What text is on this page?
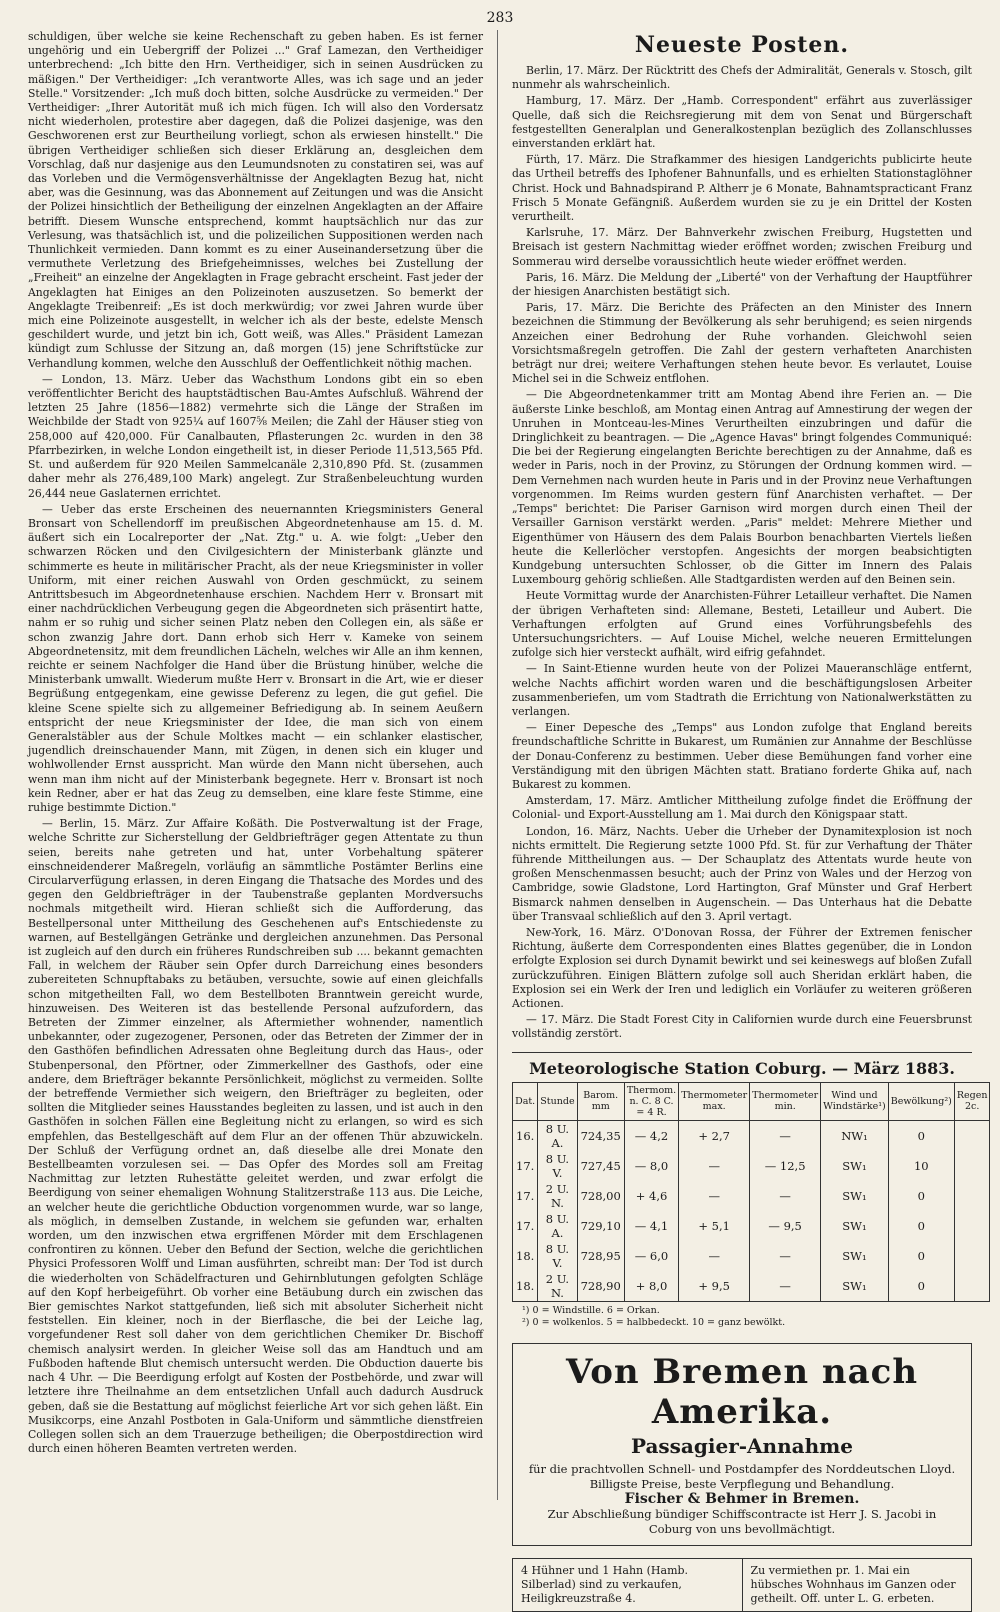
283

schuldigen, über welche sie keine Rechenschaft zu geben haben. Es ist ferner ungehörig und ein Uebergriff der Polizei ..." Graf Lamezan, den Vertheidiger unterbrechend: „Ich bitte den Hrn. Vertheidiger, sich in seinen Ausdrücken zu mäßigen." Der Vertheidiger: „Ich verantworte Alles, was ich sage und an jeder Stelle." Vorsitzender: „Ich muß doch bitten, solche Ausdrücke zu vermeiden." Der Vertheidiger: „Ihrer Autorität muß ich mich fügen. Ich will also den Vordersatz nicht wiederholen, protestire aber dagegen, daß die Polizei dasjenige, was den Geschworenen erst zur Beurtheilung vorliegt, schon als erwiesen hinstellt." Die übrigen Vertheidiger schließen sich dieser Erklärung an, desgleichen dem Vorschlag, daß nur dasjenige aus den Leumundsnoten zu constatiren sei, was auf das Vorleben und die Vermögensverhältnisse der Angeklagten Bezug hat, nicht aber, was die Gesinnung, was das Abonnement auf Zeitungen und was die Ansicht der Polizei hinsichtlich der Betheiligung der einzelnen Angeklagten an der Affaire betrifft. Diesem Wunsche entsprechend, kommt hauptsächlich nur das zur Verlesung, was thatsächlich ist, und die polizeilichen Suppositionen werden nach Thunlichkeit vermieden. Dann kommt es zu einer Auseinandersetzung über die vermuthete Verletzung des Briefgeheimnisses, welches bei Zustellung der „Freiheit" an einzelne der Angeklagten in Frage gebracht erscheint. Fast jeder der Angeklagten hat Einiges an den Polizeinoten auszusetzen. So bemerkt der Angeklagte Treibenreif: „Es ist doch merkwürdig; vor zwei Jahren wurde über mich eine Polizeinote ausgestellt, in welcher ich als der beste, edelste Mensch geschildert wurde, und jetzt bin ich, Gott weiß, was Alles." Präsident Lamezan kündigt zum Schlusse der Sitzung an, daß morgen (15) jene Schriftstücke zur Verhandlung kommen, welche den Ausschluß der Oeffentlichkeit nöthig machen.

— London, 13. März. Ueber das Wachsthum Londons gibt ein so eben veröffentlichter Bericht des hauptstädtischen Bau-Amtes Aufschluß. Während der letzten 25 Jahre (1856—1882) vermehrte sich die Länge der Straßen im Weichbilde der Stadt von 925¼ auf 1607⅝ Meilen; die Zahl der Häuser stieg von 258,000 auf 420,000. Für Canalbauten, Pflasterungen 2c. wurden in den 38 Pfarrbezirken, in welche London eingetheilt ist, in dieser Periode 11,513,565 Pfd. St. und außerdem für 920 Meilen Sammelcanäle 2,310,890 Pfd. St. (zusammen daher mehr als 276,489,100 Mark) angelegt. Zur Straßenbeleuchtung wurden 26,444 neue Gaslaternen errichtet.

— Ueber das erste Erscheinen des neuernannten Kriegsministers General Bronsart von Schellendorff im preußischen Abgeordnetenhause am 15. d. M. äußert sich ein Localreporter der „Nat. Ztg." u. A. wie folgt: „Ueber den schwarzen Röcken und den Civilgesichtern der Ministerbank glänzte und schimmerte es heute in militärischer Pracht, als der neue Kriegsminister in voller Uniform, mit einer reichen Auswahl von Orden geschmückt, zu seinem Antrittsbesuch im Abgeordnetenhause erschien. Nachdem Herr v. Bronsart mit einer nachdrücklichen Verbeugung gegen die Abgeordneten sich präsentirt hatte, nahm er so ruhig und sicher seinen Platz neben den Collegen ein, als säße er schon zwanzig Jahre dort. Dann erhob sich Herr v. Kameke von seinem Abgeordnetensitz, mit dem freundlichen Lächeln, welches wir Alle an ihm kennen, reichte er seinem Nachfolger die Hand über die Brüstung hinüber, welche die Ministerbank umwallt. Wiederum mußte Herr v. Bronsart in die Art, wie er dieser Begrüßung entgegenkam, eine gewisse Deferenz zu legen, die gut gefiel. Die kleine Scene spielte sich zu allgemeiner Befriedigung ab. In seinem Aeußern entspricht der neue Kriegsminister der Idee, die man sich von einem Generalstäbler aus der Schule Moltkes macht — ein schlanker elastischer, jugendlich dreinschauender Mann, mit Zügen, in denen sich ein kluger und wohlwollender Ernst ausspricht. Man würde den Mann nicht übersehen, auch wenn man ihm nicht auf der Ministerbank begegnete. Herr v. Bronsart ist noch kein Redner, aber er hat das Zeug zu demselben, eine klare feste Stimme, eine ruhige bestimmte Diction."

— Berlin, 15. März. Zur Affaire Koßäth. Die Postverwaltung ist der Frage, welche Schritte zur Sicherstellung der Geldbriefträger gegen Attentate zu thun seien, bereits nahe getreten und hat, unter Vorbehaltung späterer einschneidenderer Maßregeln, vorläufig an sämmtliche Postämter Berlins eine Circularverfügung erlassen, in deren Eingang die Thatsache des Mordes und des gegen den Geldbriefträger in der Taubenstraße geplanten Mordversuchs nochmals mitgetheilt wird. Hieran schließt sich die Aufforderung, das Bestellpersonal unter Mittheilung des Geschehenen auf's Entschiedenste zu warnen, auf Bestellgängen Getränke und dergleichen anzunehmen. Das Personal ist zugleich auf den durch ein früheres Rundschreiben sub .... bekannt gemachten Fall, in welchem der Räuber sein Opfer durch Darreichung eines besonders zubereiteten Schnupftabaks zu betäuben, versuchte, sowie auf einen gleichfalls schon mitgetheilten Fall, wo dem Bestellboten Branntwein gereicht wurde, hinzuweisen. Des Weiteren ist das bestellende Personal aufzufordern, das Betreten der Zimmer einzelner, als Aftermiether wohnender, namentlich unbekannter, oder zugezogener, Personen, oder das Betreten der Zimmer der in den Gasthöfen befindlichen Adressaten ohne Begleitung durch das Haus-, oder Stubenpersonal, den Pförtner, oder Zimmerkellner des Gasthofs, oder eine andere, dem Briefträger bekannte Persönlichkeit, möglichst zu vermeiden. Sollte der betreffende Vermiether sich weigern, den Briefträger zu begleiten, oder sollten die Mitglieder seines Hausstandes begleiten zu lassen, und ist auch in den Gasthöfen in solchen Fällen eine Begleitung nicht zu erlangen, so wird es sich empfehlen, das Bestellgeschäft auf dem Flur an der offenen Thür abzuwickeln. Der Schluß der Verfügung ordnet an, daß dieselbe alle drei Monate den Bestellbeamten vorzulesen sei. — Das Opfer des Mordes soll am Freitag Nachmittag zur letzten Ruhestätte geleitet werden, und zwar erfolgt die Beerdigung von seiner ehemaligen Wohnung Stalitzerstraße 113 aus. Die Leiche, an welcher heute die gerichtliche Obduction vorgenommen wurde, war so lange, als möglich, in demselben Zustande, in welchem sie gefunden war, erhalten worden, um den inzwischen etwa ergriffenen Mörder mit dem Erschlagenen confrontiren zu können. Ueber den Befund der Section, welche die gerichtlichen Physici Professoren Wolff und Liman ausführten, schreibt man: Der Tod ist durch die wiederholten von Schädelfracturen und Gehirnblutungen gefolgten Schläge auf den Kopf herbeigeführt. Ob vorher eine Betäubung durch ein zwischen das Bier gemischtes Narkot stattgefunden, ließ sich mit absoluter Sicherheit nicht feststellen. Ein kleiner, noch in der Bierflasche, die bei der Leiche lag, vorgefundener Rest soll daher von dem gerichtlichen Chemiker Dr. Bischoff chemisch analysirt werden. In gleicher Weise soll das am Handtuch und am Fußboden haftende Blut chemisch untersucht werden. Die Obduction dauerte bis nach 4 Uhr. — Die Beerdigung erfolgt auf Kosten der Postbehörde, und zwar will letztere ihre Theilnahme an dem entsetzlichen Unfall auch dadurch Ausdruck geben, daß sie die Bestattung auf möglichst feierliche Art vor sich gehen läßt. Ein Musikcorps, eine Anzahl Postboten in Gala-Uniform und sämmtliche dienstfreien Collegen sollen sich an dem Trauerzuge betheiligen; die Oberpostdirection wird durch einen höheren Beamten vertreten werden.

Neueste Posten.

Berlin, 17. März. Der Rücktritt des Chefs der Admiralität, Generals v. Stosch, gilt nunmehr als wahrscheinlich.

Hamburg, 17. März. Der „Hamb. Correspondent" erfährt aus zuverlässiger Quelle, daß sich die Reichsregierung mit dem von Senat und Bürgerschaft festgestellten Generalplan und Generalkostenplan bezüglich des Zollanschlusses einverstanden erklärt hat.

Fürth, 17. März. Die Strafkammer des hiesigen Landgerichts publicirte heute das Urtheil betreffs des Iphofener Bahnunfalls, und es erhielten Stationstaglöhner Christ. Hock und Bahnadspirand P. Altherr je 6 Monate, Bahnamtspracticant Franz Frisch 5 Monate Gefängniß. Außerdem wurden sie zu je ein Drittel der Kosten verurtheilt.

Karlsruhe, 17. März. Der Bahnverkehr zwischen Freiburg, Hugstetten und Breisach ist gestern Nachmittag wieder eröffnet worden; zwischen Freiburg und Sommerau wird derselbe voraussichtlich heute wieder eröffnet werden.

Paris, 16. März. Die Meldung der „Liberté" von der Verhaftung der Hauptführer der hiesigen Anarchisten bestätigt sich.

Paris, 17. März. Die Berichte des Präfecten an den Minister des Innern bezeichnen die Stimmung der Bevölkerung als sehr beruhigend; es seien nirgends Anzeichen einer Bedrohung der Ruhe vorhanden. Gleichwohl seien Vorsichtsmaßregeln getroffen. Die Zahl der gestern verhafteten Anarchisten beträgt nur drei; weitere Verhaftungen stehen heute bevor. Es verlautet, Louise Michel sei in die Schweiz entflohen.

— Die Abgeordnetenkammer tritt am Montag Abend ihre Ferien an. — Die äußerste Linke beschloß, am Montag einen Antrag auf Amnestirung der wegen der Unruhen in Montceau-les-Mines Verurtheilten einzubringen und dafür die Dringlichkeit zu beantragen. — Die „Agence Havas" bringt folgendes Communiqué: Die bei der Regierung eingelangten Berichte berechtigen zu der Annahme, daß es weder in Paris, noch in der Provinz, zu Störungen der Ordnung kommen wird. — Dem Vernehmen nach wurden heute in Paris und in der Provinz neue Verhaftungen vorgenommen. Im Reims wurden gestern fünf Anarchisten verhaftet. — Der „Temps" berichtet: Die Pariser Garnison wird morgen durch einen Theil der Versailler Garnison verstärkt werden. „Paris" meldet: Mehrere Miether und Eigenthümer von Häusern des dem Palais Bourbon benachbarten Viertels ließen heute die Kellerlöcher verstopfen. Angesichts der morgen beabsichtigten Kundgebung untersuchten Schlosser, ob die Gitter im Innern des Palais Luxembourg gehörig schließen. Alle Stadtgardisten werden auf den Beinen sein.

Heute Vormittag wurde der Anarchisten-Führer Letailleur verhaftet. Die Namen der übrigen Verhafteten sind: Allemane, Besteti, Letailleur und Aubert. Die Verhaftungen erfolgten auf Grund eines Vorführungsbefehls des Untersuchungsrichters. — Auf Louise Michel, welche neueren Ermittelungen zufolge sich hier versteckt aufhält, wird eifrig gefahndet.

— In Saint-Etienne wurden heute von der Polizei Maueranschläge entfernt, welche Nachts affichirt worden waren und die beschäftigungslosen Arbeiter zusammenberiefen, um vom Stadtrath die Errichtung von Nationalwerkstätten zu verlangen.

— Einer Depesche des „Temps" aus London zufolge that England bereits freundschaftliche Schritte in Bukarest, um Rumänien zur Annahme der Beschlüsse der Donau-Conferenz zu bestimmen. Ueber diese Bemühungen fand vorher eine Verständigung mit den übrigen Mächten statt. Bratiano forderte Ghika auf, nach Bukarest zu kommen.

Amsterdam, 17. März. Amtlicher Mittheilung zufolge findet die Eröffnung der Colonial- und Export-Ausstellung am 1. Mai durch den Königspaar statt.

London, 16. März, Nachts. Ueber die Urheber der Dynamitexplosion ist noch nichts ermittelt. Die Regierung setzte 1000 Pfd. St. für zur Verhaftung der Thäter führende Mittheilungen aus. — Der Schauplatz des Attentats wurde heute von großen Menschenmassen besucht; auch der Prinz von Wales und der Herzog von Cambridge, sowie Gladstone, Lord Hartington, Graf Münster und Graf Herbert Bismarck nahmen denselben in Augenschein. — Das Unterhaus hat die Debatte über Transvaal schließlich auf den 3. April vertagt.

New-York, 16. März. O'Donovan Rossa, der Führer der Extremen fenischer Richtung, äußerte dem Correspondenten eines Blattes gegenüber, die in London erfolgte Explosion sei durch Dynamit bewirkt und sei keineswegs auf bloßen Zufall zurückzuführen. Einigen Blättern zufolge soll auch Sheridan erklärt haben, die Explosion sei ein Werk der Iren und lediglich ein Vorläufer zu weiteren größeren Actionen.

— 17. März. Die Stadt Forest City in Californien wurde durch eine Feuersbrunst vollständig zerstört.

Meteorologische Station Coburg. — März 1883.
Dat.	Stunde	Barom. mm	Thermom. n. C. 8 C. = 4 R.	Thermometer max.	Thermometer min.	Wind und Windstärke¹)	Bewölkung²)	Regen 2c.
16.	8 U. A.	724,35	— 4,2	+ 2,7	—	NW₁	0	
17.	8 U. V.	727,45	— 8,0	—	— 12,5	SW₁	10	
17.	2 U. N.	728,00	+ 4,6	—	—	SW₁	0	
17.	8 U. A.	729,10	— 4,1	+ 5,1	— 9,5	SW₁	0	
18.	8 U. V.	728,95	— 6,0	—	—	SW₁	0	
18.	2 U. N.	728,90	+ 8,0	+ 9,5	—	SW₁	0	
¹) 0 = Windstille. 6 = Orkan.
²) 0 = wolkenlos. 5 = halbbedeckt. 10 = ganz bewölkt.
Von Bremen nach Amerika.
Passagier-Annahme
für die prachtvollen Schnell- und Postdampfer des Norddeutschen Lloyd.
Billigste Preise, beste Verpflegung und Behandlung.
Fischer & Behmer in Bremen.
Zur Abschließung bündiger Schiffscontracte ist Herr J. S. Jacobi in
Coburg von uns bevollmächtigt.
4 Hühner und 1 Hahn (Hamb. Silberlad) sind zu verkaufen, Heiligkreuzstraße 4.
Zu vermiethen pr. 1. Mai ein hübsches Wohnhaus im Ganzen oder getheilt. Off. unter L. G. erbeten.
